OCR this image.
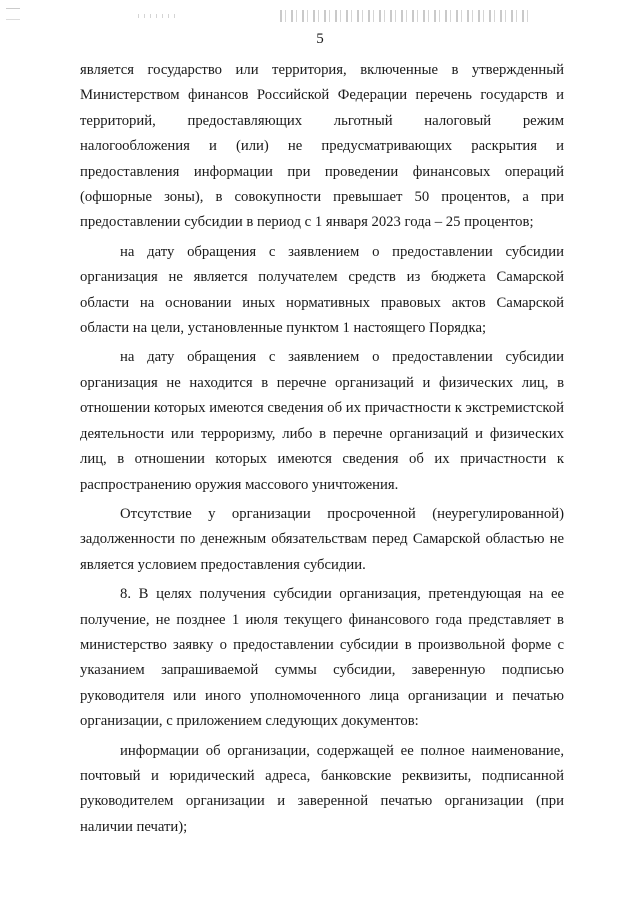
5

является государство или территория, включенные в утвержденный Министерством финансов Российской Федерации перечень государств и территорий, предоставляющих льготный налоговый режим налогообложения и (или) не предусматривающих раскрытия и предоставления информации при проведении финансовых операций (офшорные зоны), в совокупности превышает 50 процентов, а при предоставлении субсидии в период с 1 января 2023 года – 25 процентов;

на дату обращения с заявлением о предоставлении субсидии организация не является получателем средств из бюджета Самарской области на основании иных нормативных правовых актов Самарской области на цели, установленные пунктом 1 настоящего Порядка;

на дату обращения с заявлением о предоставлении субсидии организация не находится в перечне организаций и физических лиц, в отношении которых имеются сведения об их причастности к экстремистской деятельности или терроризму, либо в перечне организаций и физических лиц, в отношении которых имеются сведения об их причастности к распространению оружия массового уничтожения.

Отсутствие у организации просроченной (неурегулированной) задолженности по денежным обязательствам перед Самарской областью не является условием предоставления субсидии.

8. В целях получения субсидии организация, претендующая на ее получение, не позднее 1 июля текущего финансового года представляет в министерство заявку о предоставлении субсидии в произвольной форме с указанием запрашиваемой суммы субсидии, заверенную подписью руководителя или иного уполномоченного лица организации и печатью организации, с приложением следующих документов:

информации об организации, содержащей ее полное наименование, почтовый и юридический адреса, банковские реквизиты, подписанной руководителем организации и заверенной печатью организации (при наличии печати);
